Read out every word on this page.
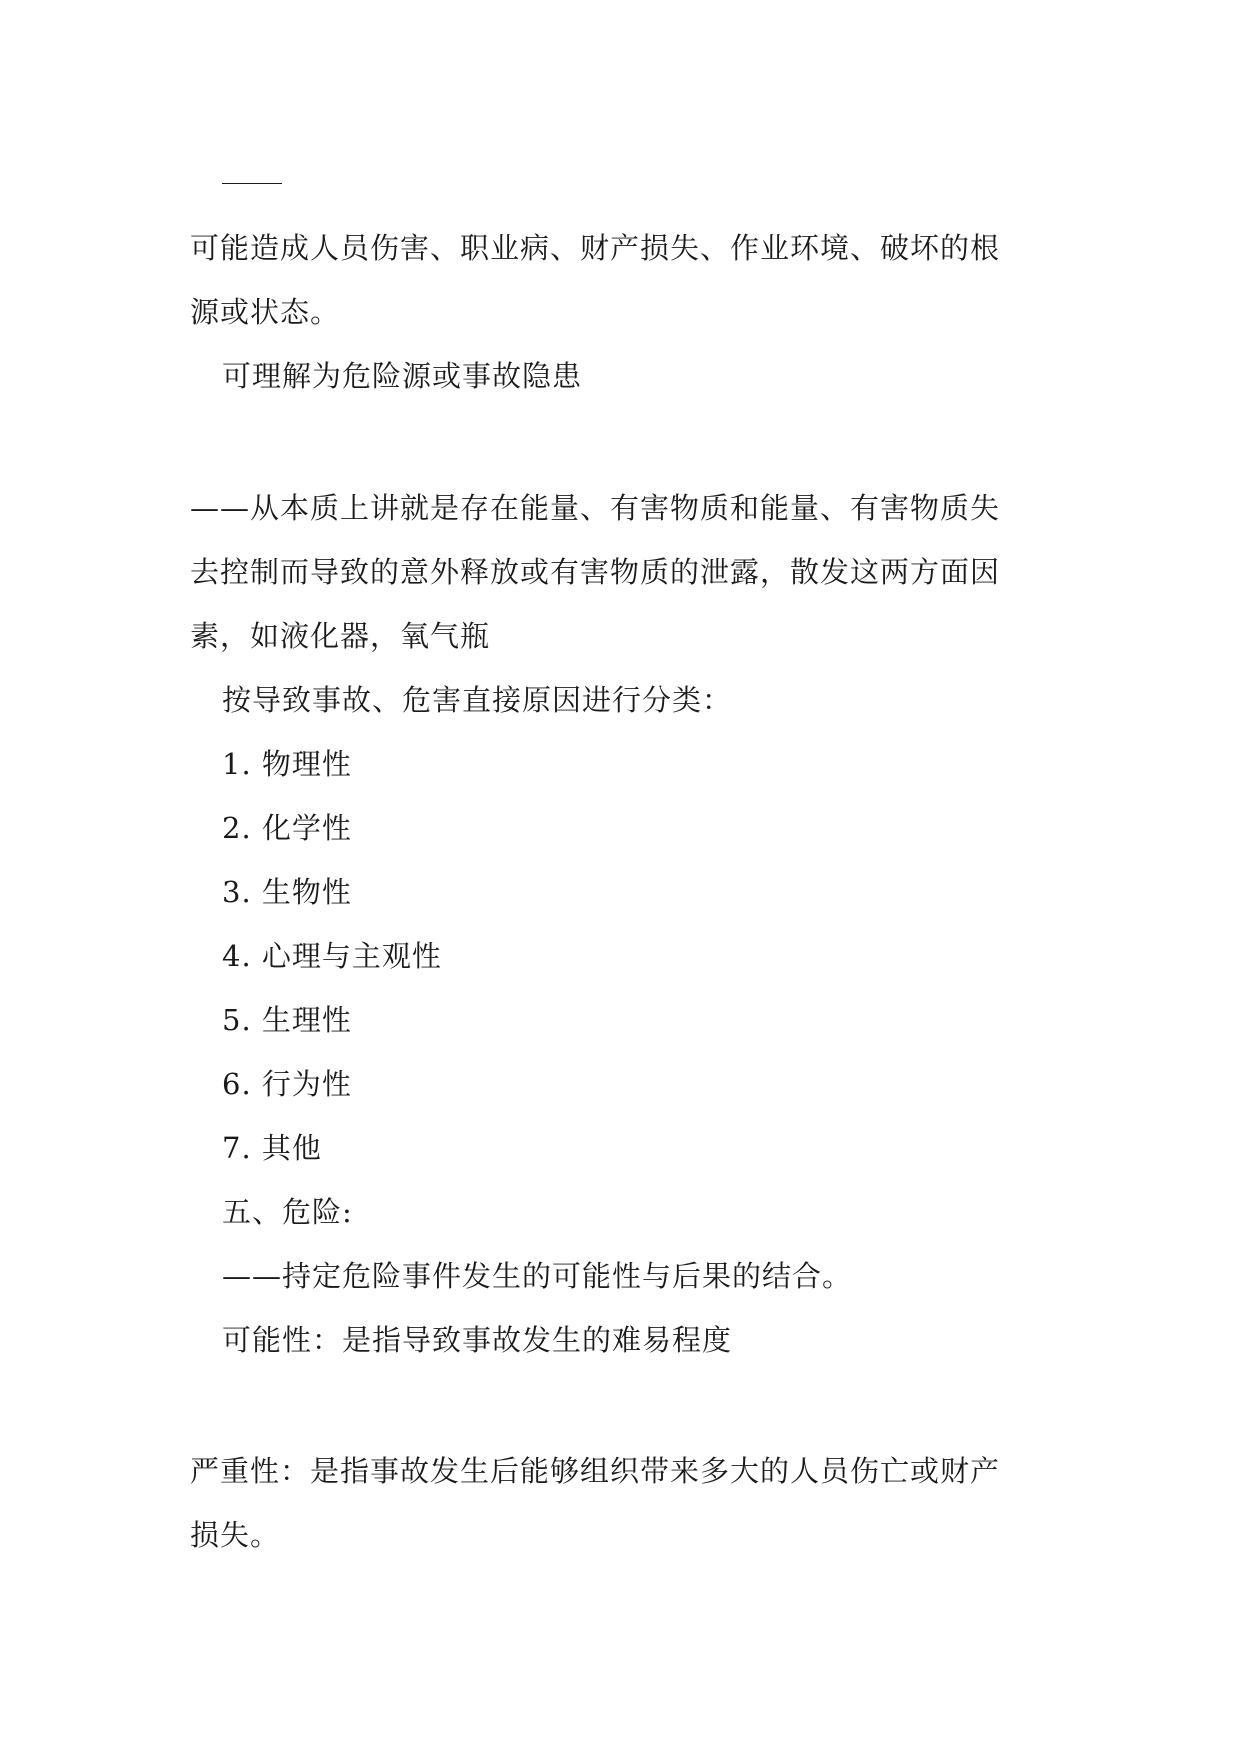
可能造成人员伤害、职业病、财产损失、作业环境、破坏的根
源或状态。
可理解为危险源或事故隐患
——从本质上讲就是存在能量、有害物质和能量、有害物质失
去控制而导致的意外释放或有害物质的泄露，散发这两方面因
素，如液化器，氧气瓶
按导致事故、危害直接原因进行分类：
1. 物理性
2. 化学性
3. 生物性
4. 心理与主观性
5. 生理性
6. 行为性
7. 其他
五、危险:
——持定危险事件发生的可能性与后果的结合。
可能性：是指导致事故发生的难易程度
严重性：是指事故发生后能够组织带来多大的人员伤亡或财产
损失。
